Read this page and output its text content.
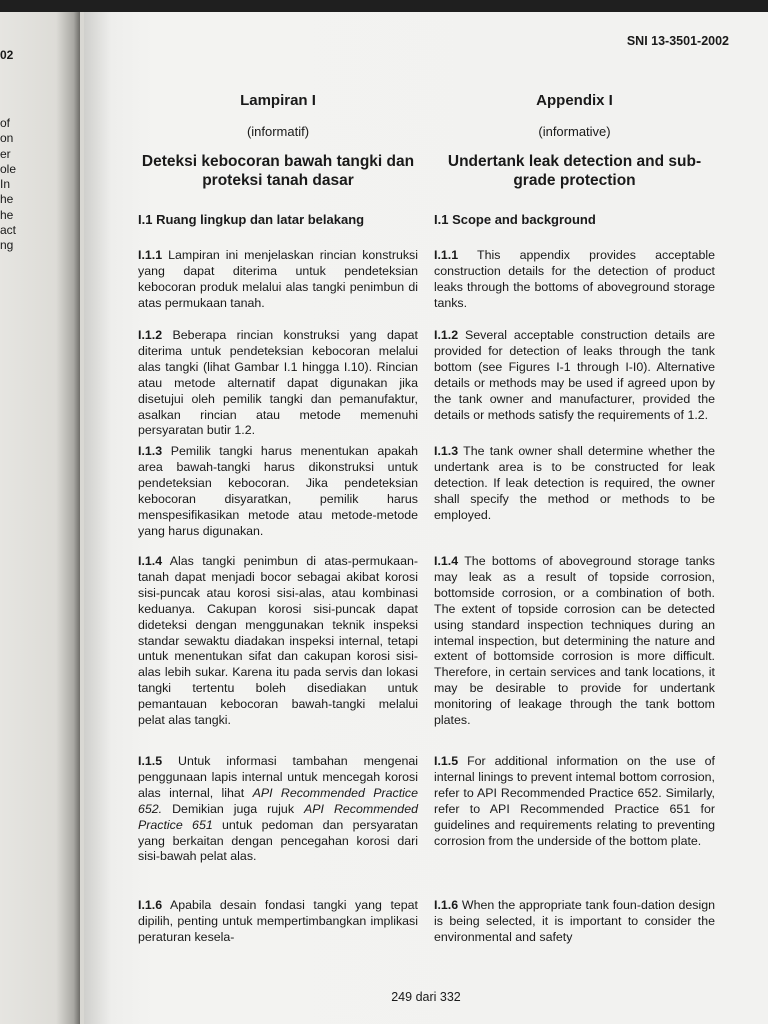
02
of
on
er
ole
In
he
he
act
ng
SNI 13-3501-2002

Lampiran I

(informatif)

Deteksi kebocoran bawah tangki dan proteksi tanah dasar

I.1 Ruang lingkup dan latar belakang

I.1.1 Lampiran ini menjelaskan rincian konstruksi yang dapat diterima untuk pendeteksian kebocoran produk melalui alas tangki penimbun di atas permukaan tanah.

I.1.2 Beberapa rincian konstruksi yang dapat diterima untuk pendeteksian kebocoran melalui alas tangki (lihat Gambar I.1 hingga I.10). Rincian atau metode alternatif dapat digunakan jika disetujui oleh pemilik tangki dan pemanufaktur, asalkan rincian atau metode memenuhi persyaratan butir 1.2.

I.1.3 Pemilik tangki harus menentukan apakah area bawah-tangki harus dikonstruksi untuk pendeteksian kebocoran. Jika pendeteksian kebocoran disyaratkan, pemilik harus menspesifikasikan metode atau metode-metode yang harus digunakan.

I.1.4 Alas tangki penimbun di atas-permukaan-tanah dapat menjadi bocor sebagai akibat korosi sisi-puncak atau korosi sisi-alas, atau kombinasi keduanya. Cakupan korosi sisi-puncak dapat dideteksi dengan menggunakan teknik inspeksi standar sewaktu diadakan inspeksi internal, tetapi untuk menentukan sifat dan cakupan korosi sisi-alas lebih sukar. Karena itu pada servis dan lokasi tangki tertentu boleh disediakan untuk pemantauan kebocoran bawah-tangki melalui pelat alas tangki.

I.1.5 Untuk informasi tambahan mengenai penggunaan lapis internal untuk mencegah korosi alas internal, lihat API Recommended Practice 652. Demikian juga rujuk API Recommended Practice 651 untuk pedoman dan persyaratan yang berkaitan dengan pencegahan korosi dari sisi-bawah pelat alas.

I.1.6 Apabila desain fondasi tangki yang tepat dipilih, penting untuk mempertimbangkan implikasi peraturan kesela-

Appendix I

(informative)

Undertank leak detection and sub-grade protection

I.1 Scope and background

I.1.1 This appendix provides acceptable construction details for the detection of product leaks through the bottoms of aboveground storage tanks.

I.1.2 Several acceptable construction details are provided for detection of leaks through the tank bottom (see Figures I-1 through I-I0). Alternative details or methods may be used if agreed upon by the tank owner and manufacturer, provided the details or methods satisfy the requirements of 1.2.

I.1.3 The tank owner shall determine whether the undertank area is to be constructed for leak detection. If leak detection is required, the owner shall specify the method or methods to be employed.

I.1.4 The bottoms of aboveground storage tanks may leak as a result of topside corrosion, bottomside corrosion, or a combination of both. The extent of topside corrosion can be detected using standard inspection techniques during an intemal inspection, but determining the nature and extent of bottomside corrosion is more difficult. Therefore, in certain services and tank locations, it may be desirable to provide for undertank monitoring of leakage through the tank bottom plates.

I.1.5 For additional information on the use of internal linings to prevent intemal bottom corrosion, refer to API Recommended Practice 652. Similarly, refer to API Recommended Practice 651 for guidelines and requirements relating to preventing corrosion from the underside of the bottom plate.

I.1.6 When the appropriate tank foun-dation design is being selected, it is important to consider the environmental and safety

249 dari 332
